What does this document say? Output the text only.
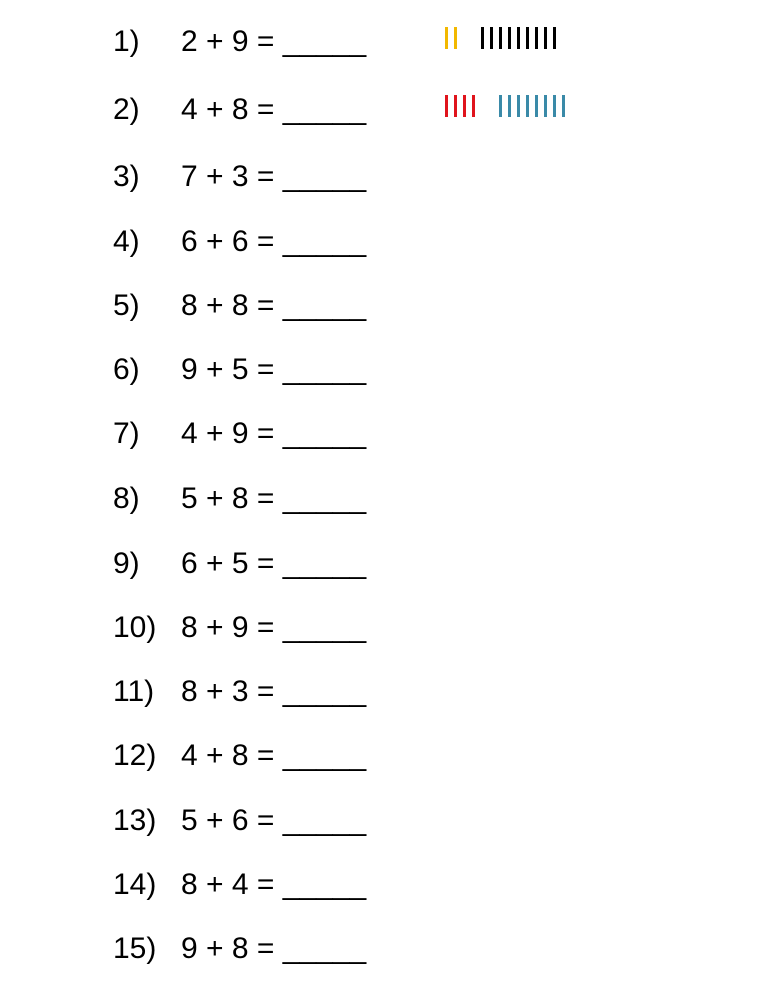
1) 2 + 9 = _____
2) 4 + 8 = _____
3) 7 + 3 = _____
4) 6 + 6 = _____
5) 8 + 8 = _____
6) 9 + 5 = _____
7) 4 + 9 = _____
8) 5 + 8 = _____
9) 6 + 5 = _____
10) 8 + 9 = _____
11) 8 + 3 = _____
12) 4 + 8 = _____
13) 5 + 6 = _____
14) 8 + 4 = _____
15) 9 + 8 = _____
